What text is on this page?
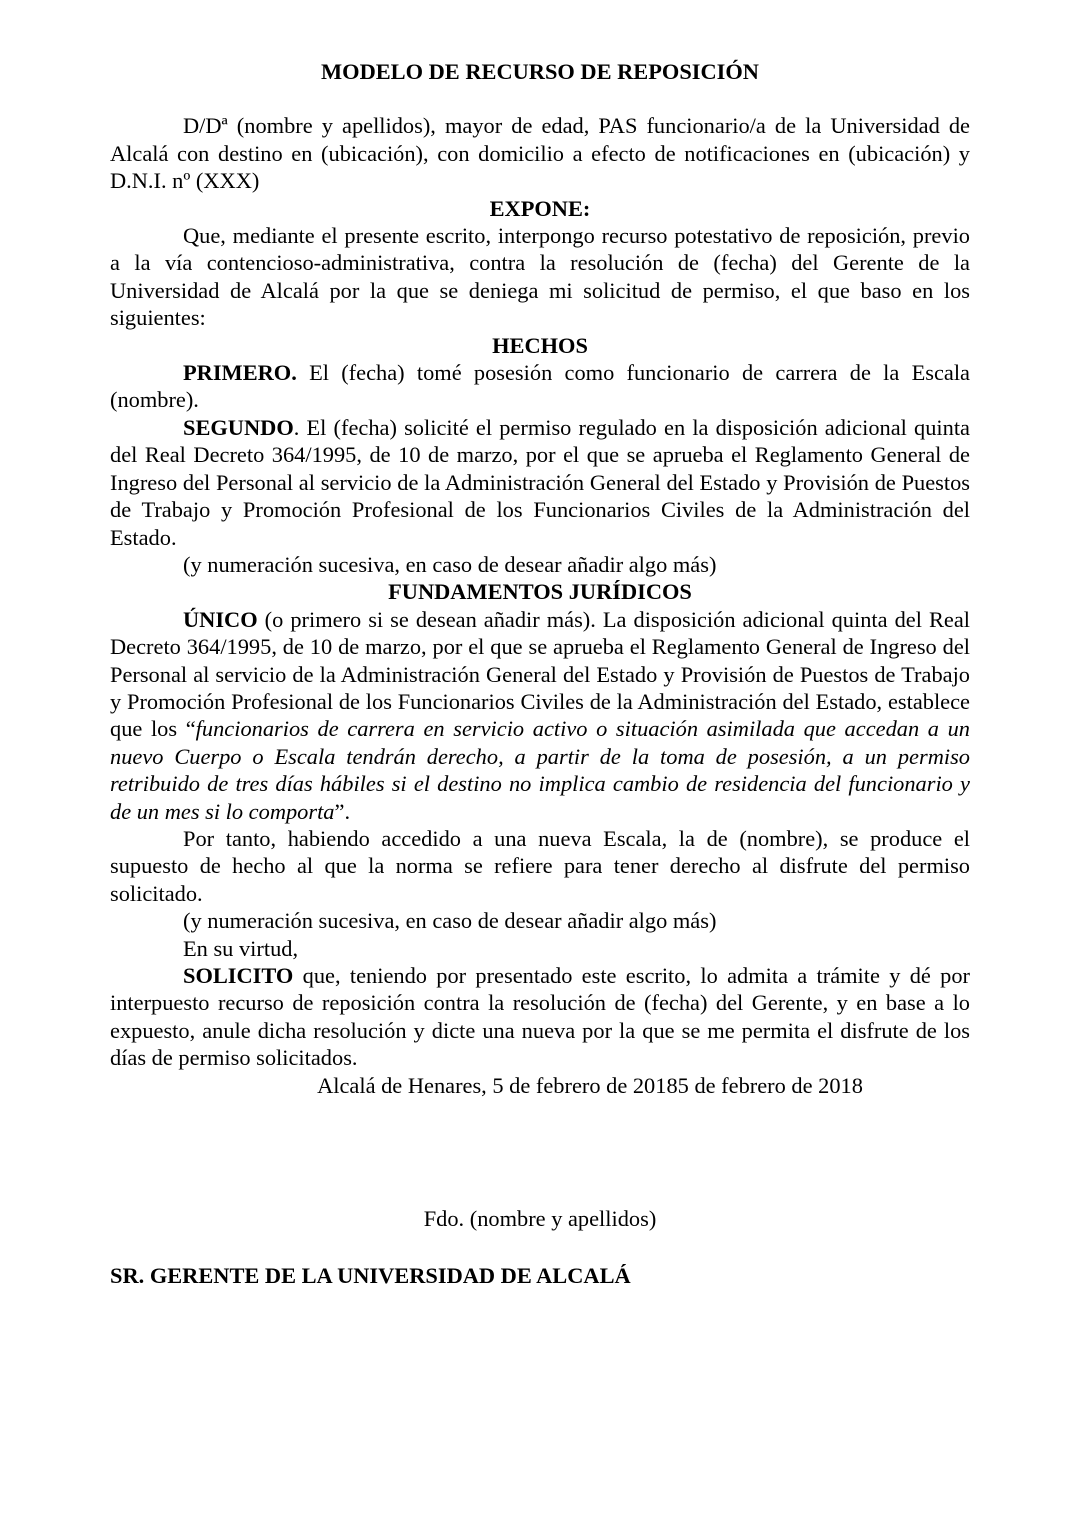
MODELO DE RECURSO DE REPOSICIÓN

D/Dª (nombre y apellidos), mayor de edad, PAS funcionario/a de la Universidad de Alcalá con destino en (ubicación), con domicilio a efecto de notificaciones en (ubicación) y D.N.I. nº (XXX)

EXPONE:

Que, mediante el presente escrito, interpongo recurso potestativo de reposición, previo a la vía contencioso-administrativa, contra la resolución de (fecha) del Gerente de la Universidad de Alcalá por la que se deniega mi solicitud de permiso, el que baso en los siguientes:

HECHOS

PRIMERO. El (fecha) tomé posesión como funcionario de carrera de la Escala (nombre).

SEGUNDO. El (fecha) solicité el permiso regulado en la disposición adicional quinta del Real Decreto 364/1995, de 10 de marzo, por el que se aprueba el Reglamento General de Ingreso del Personal al servicio de la Administración General del Estado y Provisión de Puestos de Trabajo y Promoción Profesional de los Funcionarios Civiles de la Administración del Estado.

(y numeración sucesiva, en caso de desear añadir algo más)

FUNDAMENTOS JURÍDICOS

ÚNICO (o primero si se desean añadir más). La disposición adicional quinta del Real Decreto 364/1995, de 10 de marzo, por el que se aprueba el Reglamento General de Ingreso del Personal al servicio de la Administración General del Estado y Provisión de Puestos de Trabajo y Promoción Profesional de los Funcionarios Civiles de la Administración del Estado, establece que los “funcionarios de carrera en servicio activo o situación asimilada que accedan a un nuevo Cuerpo o Escala tendrán derecho, a partir de la toma de posesión, a un permiso retribuido de tres días hábiles si el destino no implica cambio de residencia del funcionario y de un mes si lo comporta”.

Por tanto, habiendo accedido a una nueva Escala, la de (nombre), se produce el supuesto de hecho al que la norma se refiere para tener derecho al disfrute del permiso solicitado.

(y numeración sucesiva, en caso de desear añadir algo más)

En su virtud,

SOLICITO que, teniendo por presentado este escrito, lo admita a trámite y dé por interpuesto recurso de reposición contra la resolución de (fecha) del Gerente, y en base a lo expuesto, anule dicha resolución y dicte una nueva por la que se me permita el disfrute de los días de permiso solicitados.

Alcalá de Henares, 5 de febrero de 20185 de febrero de 2018

Fdo. (nombre y apellidos)

SR. GERENTE DE LA UNIVERSIDAD DE ALCALÁ
